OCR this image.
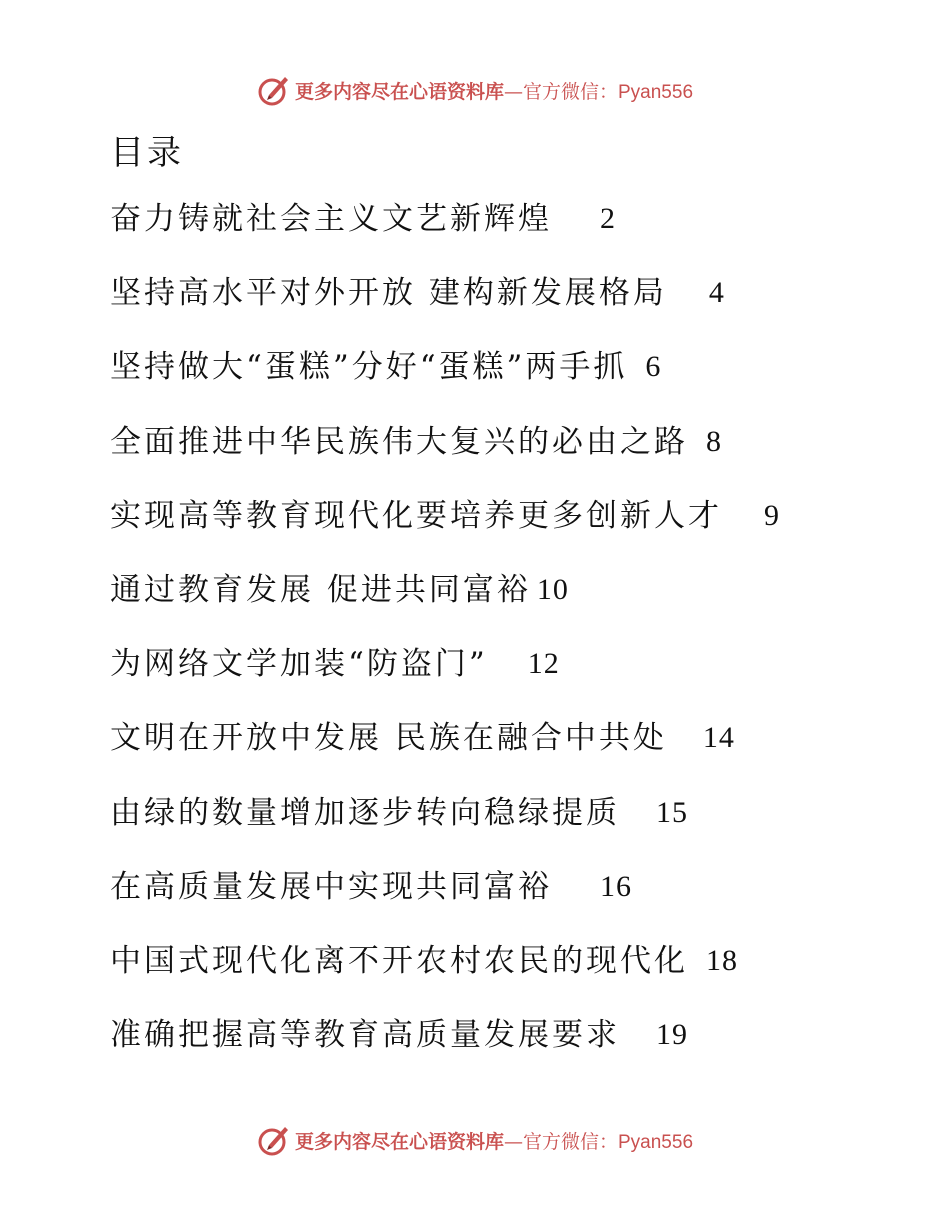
更多内容尽在心语资料库—官方微信：Pyan556
目录
奋力铸就社会主义文艺新辉煌 2
坚持高水平对外开放 建构新发展格局 4
坚持做大“蛋糕”分好“蛋糕”两手抓 6
全面推进中华民族伟大复兴的必由之路 8
实现高等教育现代化要培养更多创新人才 9
通过教育发展 促进共同富裕 10
为网络文学加装“防盗门” 12
文明在开放中发展 民族在融合中共处 14
由绿的数量增加逐步转向稳绿提质 15
在高质量发展中实现共同富裕 16
中国式现代化离不开农村农民的现代化 18
准确把握高等教育高质量发展要求 19
更多内容尽在心语资料库—官方微信：Pyan556
